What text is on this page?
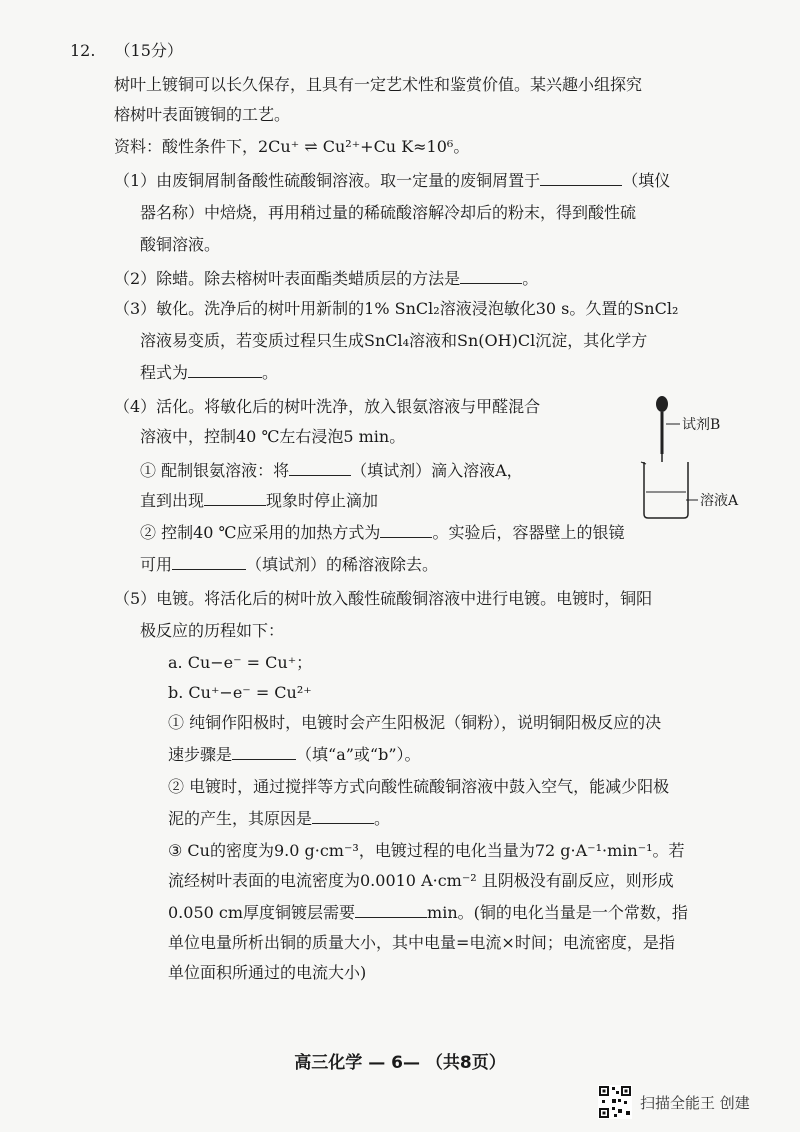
12. （15分）
树叶上镀铜可以长久保存，且具有一定艺术性和鉴赏价值。某兴趣小组探究
榕树叶表面镀铜的工艺。
资料：酸性条件下，2Cu⁺ ⇌ Cu²⁺+Cu K≈10⁶。
（1）由废铜屑制备酸性硫酸铜溶液。取一定量的废铜屑置于	（填仪
器名称）中焙烧，再用稍过量的稀硫酸溶解冷却后的粉末，得到酸性硫
酸铜溶液。
（2）除蜡。除去榕树叶表面酯类蜡质层的方法是	。
（3）敏化。洗净后的树叶用新制的1% SnCl₂溶液浸泡敏化30 s。久置的SnCl₂
溶液易变质，若变质过程只生成SnCl₄溶液和Sn(OH)Cl沉淀，其化学方
程式为	。
（4）活化。将敏化后的树叶洗净，放入银氨溶液与甲醛混合
溶液中，控制40 ℃左右浸泡5 min。
① 配制银氨溶液：将	（填试剂）滴入溶液A，
直到出现	现象时停止滴加
② 控制40 ℃应采用的加热方式为	。实验后，容器壁上的银镜
可用	（填试剂）的稀溶液除去。
试剂B
溶液A
（5）电镀。将活化后的树叶放入酸性硫酸铜溶液中进行电镀。电镀时，铜阳
极反应的历程如下：
a. Cu−e⁻ = Cu⁺；
b. Cu⁺−e⁻ = Cu²⁺
① 纯铜作阳极时，电镀时会产生阳极泥（铜粉），说明铜阳极反应的决
速步骤是	（填“a”或“b”）。
② 电镀时，通过搅拌等方式向酸性硫酸铜溶液中鼓入空气，能减少阳极
泥的产生，其原因是	。
③ Cu的密度为9.0 g·cm⁻³，电镀过程的电化当量为72 g·A⁻¹·min⁻¹。若
流经树叶表面的电流密度为0.0010 A·cm⁻² 且阴极没有副反应，则形成
0.050 cm厚度铜镀层需要	min。(铜的电化当量是一个常数，指
单位电量所析出铜的质量大小，其中电量=电流×时间；电流密度，是指
单位面积所通过的电流大小)
高三化学 — 6— （共8页）
扫描全能王 创建
